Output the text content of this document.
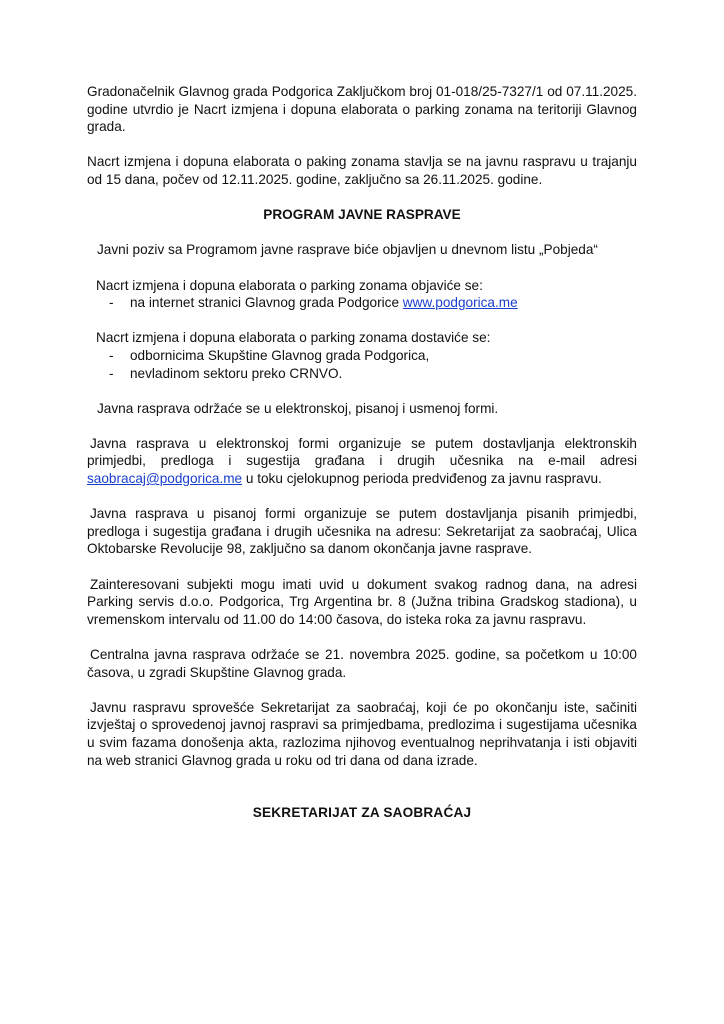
Gradonačelnik Glavnog grada Podgorica Zaključkom broj 01-018/25-7327/1 od 07.11.2025. godine utvrdio je Nacrt izmjena i dopuna elaborata o parking zonama na teritoriji Glavnog grada.

Nacrt izmjena i dopuna elaborata o paking zonama stavlja se na javnu raspravu u trajanju od 15 dana, počev od 12.11.2025. godine, zaključno sa 26.11.2025. godine.

PROGRAM JAVNE RASPRAVE

Javni poziv sa Programom javne rasprave biće objavljen u dnevnom listu „Pobjeda“

Nacrt izmjena i dopuna elaborata o parking zonama objaviće se:
- na internet stranici Glavnog grada Podgorice www.podgorica.me
Nacrt izmjena i dopuna elaborata o parking zonama dostaviće se:
- odbornicima Skupštine Glavnog grada Podgorica,
- nevladinom sektoru preko CRNVO.

Javna rasprava održaće se u elektronskoj, pisanoj i usmenoj formi.

Javna rasprava u elektronskoj formi organizuje se putem dostavljanja elektronskih primjedbi, predloga i sugestija građana i drugih učesnika na e-mail adresi saobracaj@podgorica.me u toku cjelokupnog perioda predviđenog za javnu raspravu.

Javna rasprava u pisanoj formi organizuje se putem dostavljanja pisanih primjedbi, predloga i sugestija građana i drugih učesnika na adresu: Sekretarijat za saobraćaj, Ulica Oktobarske Revolucije 98, zaključno sa danom okončanja javne rasprave.

Zainteresovani subjekti mogu imati uvid u dokument svakog radnog dana, na adresi Parking servis d.o.o. Podgorica, Trg Argentina br. 8 (Južna tribina Gradskog stadiona), u vremenskom intervalu od 11.00 do 14:00 časova, do isteka roka za javnu raspravu.

Centralna javna rasprava održaće se 21. novembra 2025. godine, sa početkom u 10:00 časova, u zgradi Skupštine Glavnog grada.

Javnu raspravu sprovešće Sekretarijat za saobraćaj, koji će po okončanju iste, sačiniti izvještaj o sprovedenoj javnoj raspravi sa primjedbama, predlozima i sugestijama učesnika u svim fazama donošenja akta, razlozima njihovog eventualnog neprihvatanja i isti objaviti na web stranici Glavnog grada u roku od tri dana od dana izrade.

SEKRETARIJAT ZA SAOBRAĆAJ
